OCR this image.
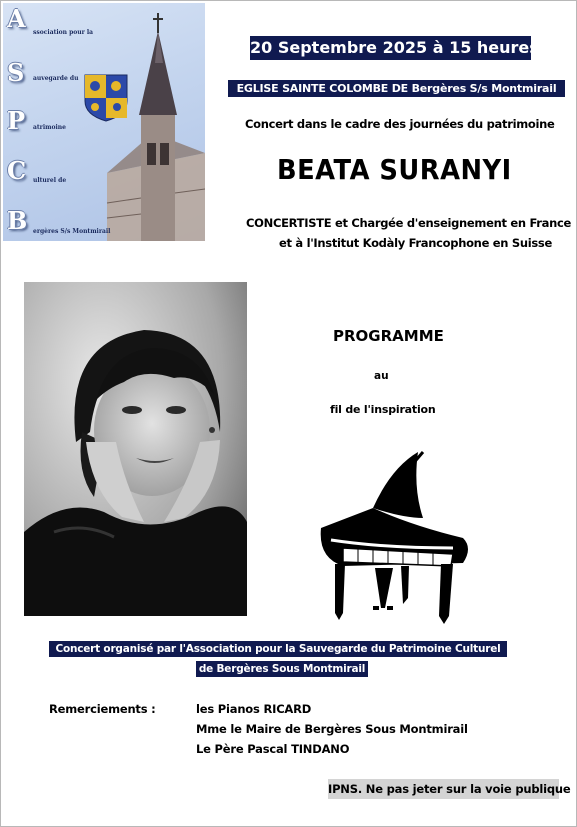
A ssociation pour la
S auvegarde du
P atrimoine
C ulturel de
B ergères S/s Montmirail
20 Septembre 2025 à 15 heures
EGLISE SAINTE COLOMBE DE Bergères S/s Montmirail
Concert dans le cadre des journées du patrimoine
BEATA SURANYI
CONCERTISTE et Chargée d'enseignement en France
et à l'Institut Kodàly Francophone en Suisse
PROGRAMME
au
fil de l'inspiration
Concert organisé par l'Association pour la Sauvegarde du Patrimoine Culturel
de Bergères Sous Montmirail
Remerciements :	les Pianos RICARD
Mme le Maire de Bergères Sous Montmirail
Le Père Pascal TINDANO
IPNS. Ne pas jeter sur la voie publique
